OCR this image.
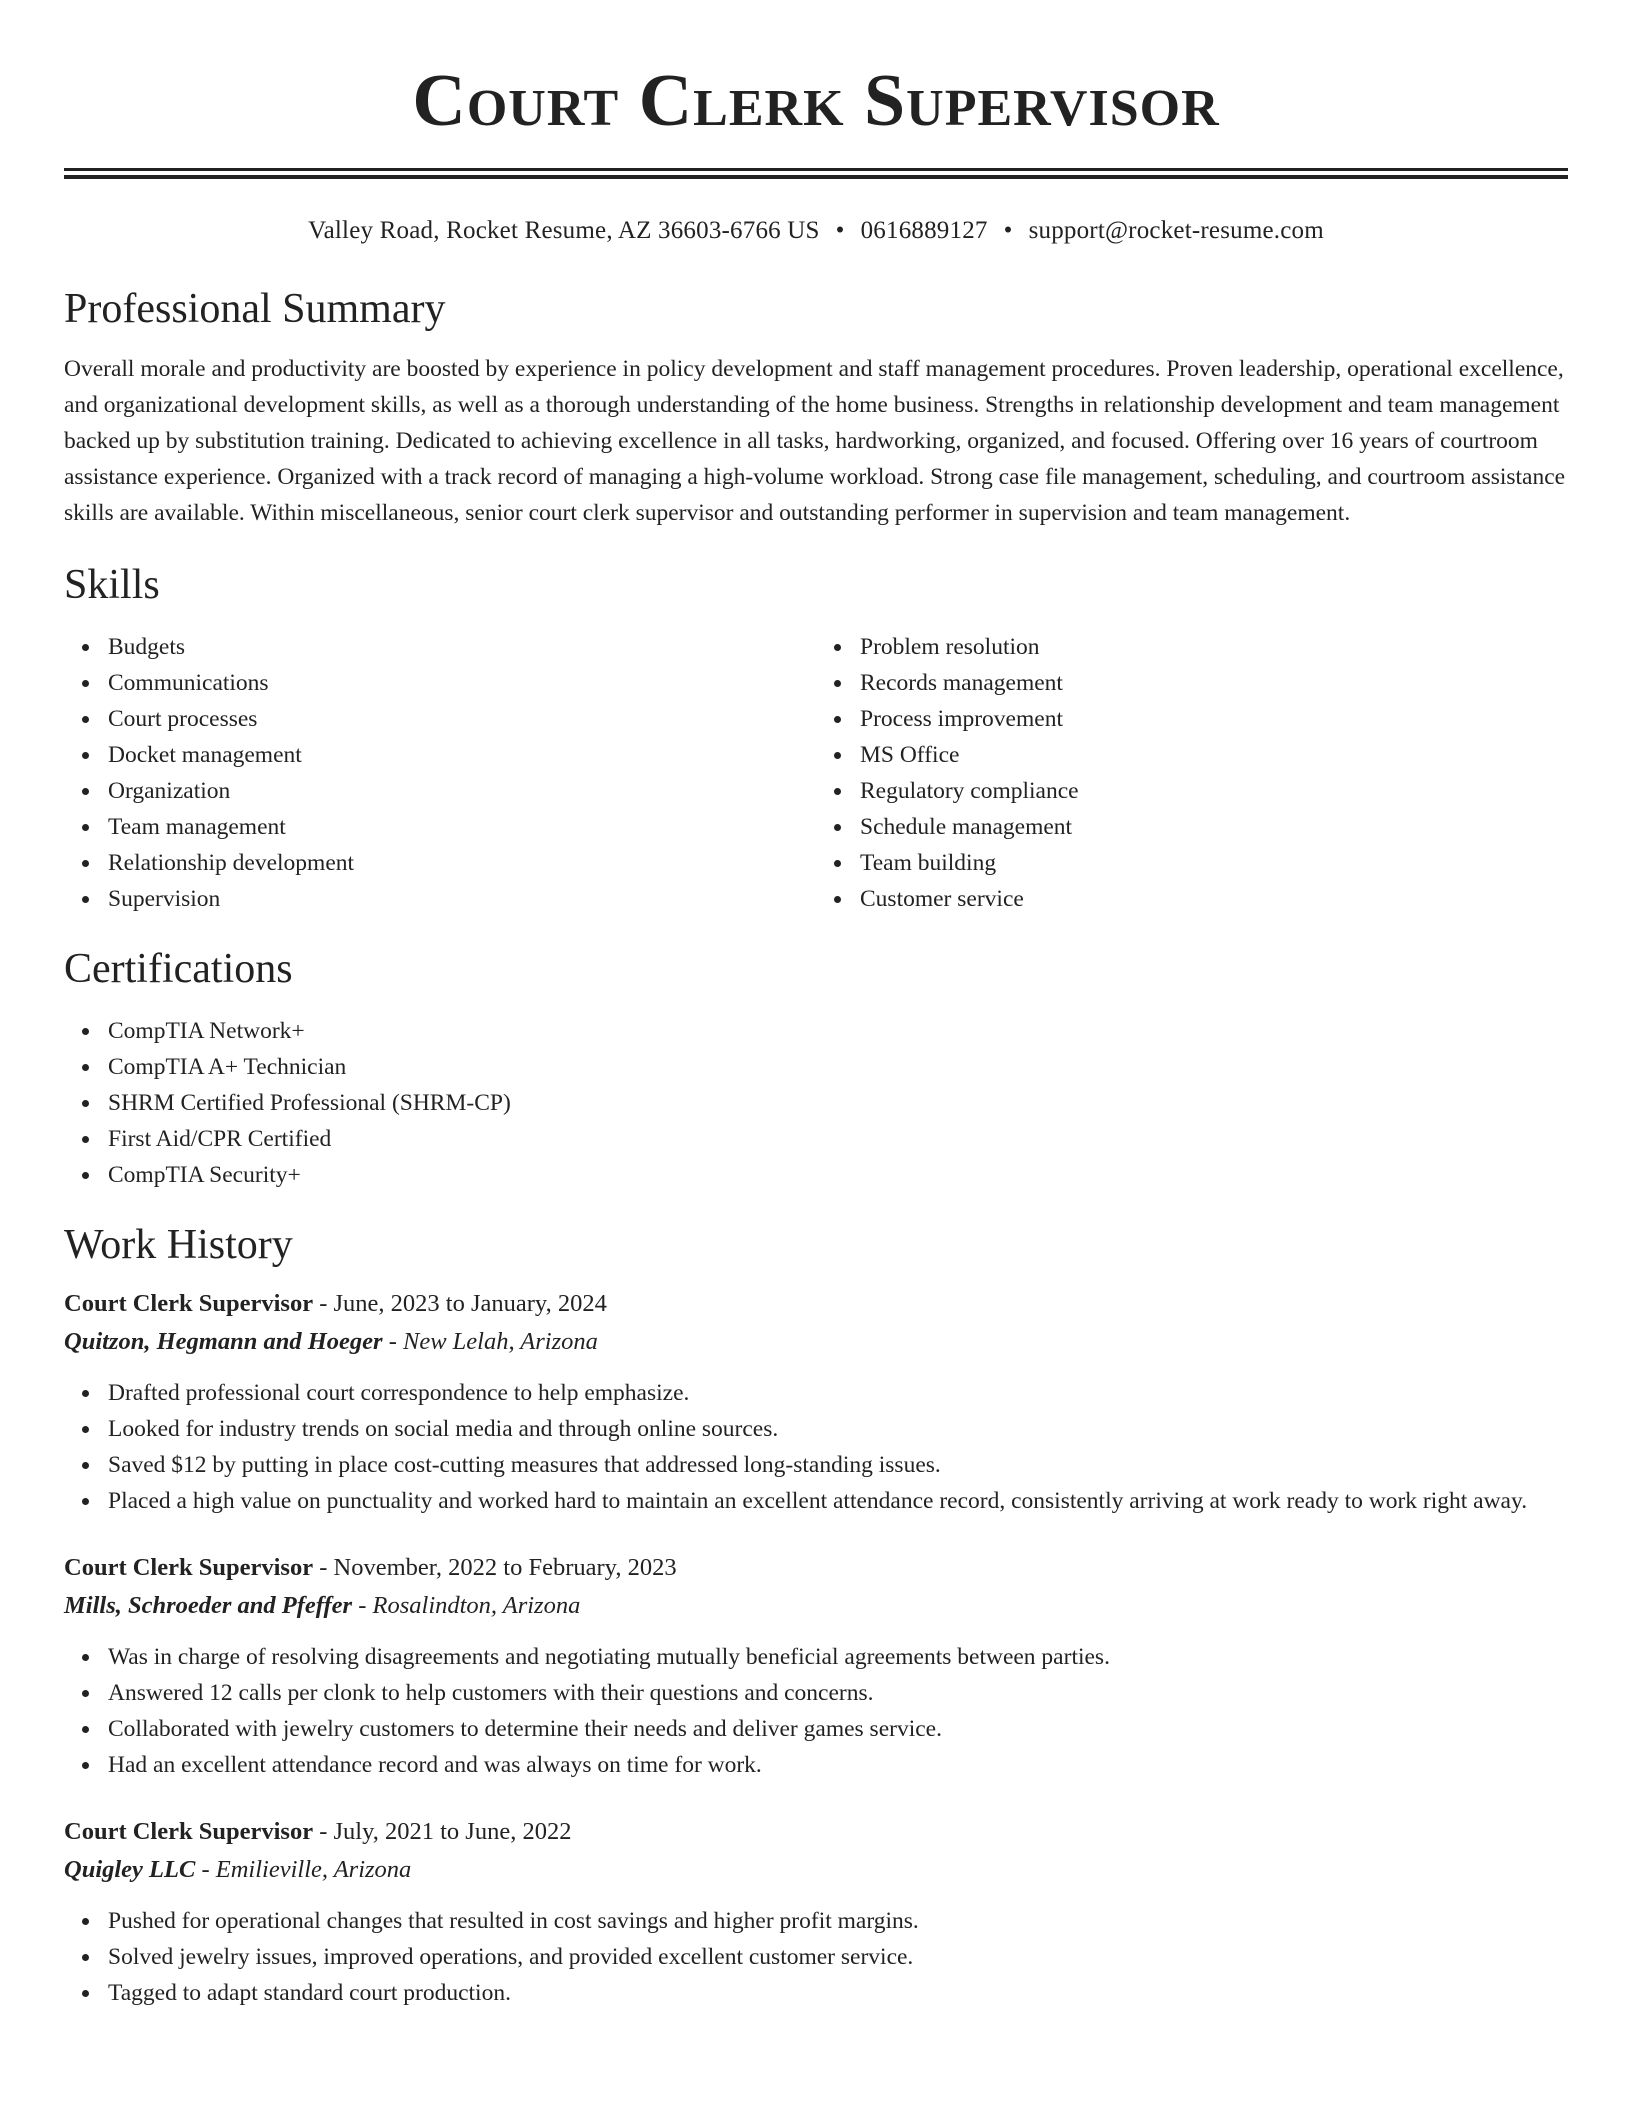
Court Clerk Supervisor
Valley Road, Rocket Resume, AZ 36603-6766 US • 0616889127 • support@rocket-resume.com
Professional Summary

Overall morale and productivity are boosted by experience in policy development and staff management procedures. Proven leadership, operational excellence, and organizational development skills, as well as a thorough understanding of the home business. Strengths in relationship development and team management backed up by substitution training. Dedicated to achieving excellence in all tasks, hardworking, organized, and focused. Offering over 16 years of courtroom assistance experience. Organized with a track record of managing a high-volume workload. Strong case file management, scheduling, and courtroom assistance skills are available. Within miscellaneous, senior court clerk supervisor and outstanding performer in supervision and team management.

Skills
Budgets
Communications
Court processes
Docket management
Organization
Team management
Relationship development
Supervision
Problem resolution
Records management
Process improvement
MS Office
Regulatory compliance
Schedule management
Team building
Customer service
Certifications
CompTIA Network+
CompTIA A+ Technician
SHRM Certified Professional (SHRM-CP)
First Aid/CPR Certified
CompTIA Security+
Work History
Court Clerk Supervisor - June, 2023 to January, 2024
Quitzon, Hegmann and Hoeger - New Lelah, Arizona
Drafted professional court correspondence to help emphasize.
Looked for industry trends on social media and through online sources.
Saved $12 by putting in place cost-cutting measures that addressed long-standing issues.
Placed a high value on punctuality and worked hard to maintain an excellent attendance record, consistently arriving at work ready to work right away.
Court Clerk Supervisor - November, 2022 to February, 2023
Mills, Schroeder and Pfeffer - Rosalindton, Arizona
Was in charge of resolving disagreements and negotiating mutually beneficial agreements between parties.
Answered 12 calls per clonk to help customers with their questions and concerns.
Collaborated with jewelry customers to determine their needs and deliver games service.
Had an excellent attendance record and was always on time for work.
Court Clerk Supervisor - July, 2021 to June, 2022
Quigley LLC - Emilieville, Arizona
Pushed for operational changes that resulted in cost savings and higher profit margins.
Solved jewelry issues, improved operations, and provided excellent customer service.
Tagged to adapt standard court production.
